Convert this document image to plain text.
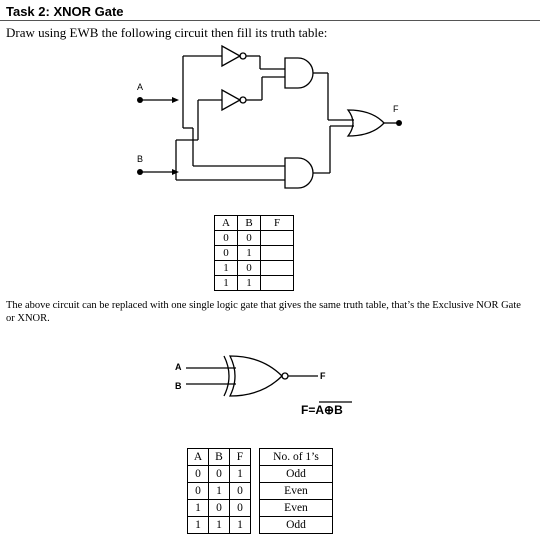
Task 2: XNOR Gate
Draw using EWB the following circuit then fill its truth table:
A
B
F
A	B	F
0	0	
0	1	
1	0	
1	1	
The above circuit can be replaced with one single logic gate that gives the same truth table, that’s the Exclusive NOR Gate or XNOR.
A
B
F
F=A⊕B
A	B	F		No. of 1’s
0	0	1		Odd
0	1	0		Even
1	0	0		Even
1	1	1		Odd
